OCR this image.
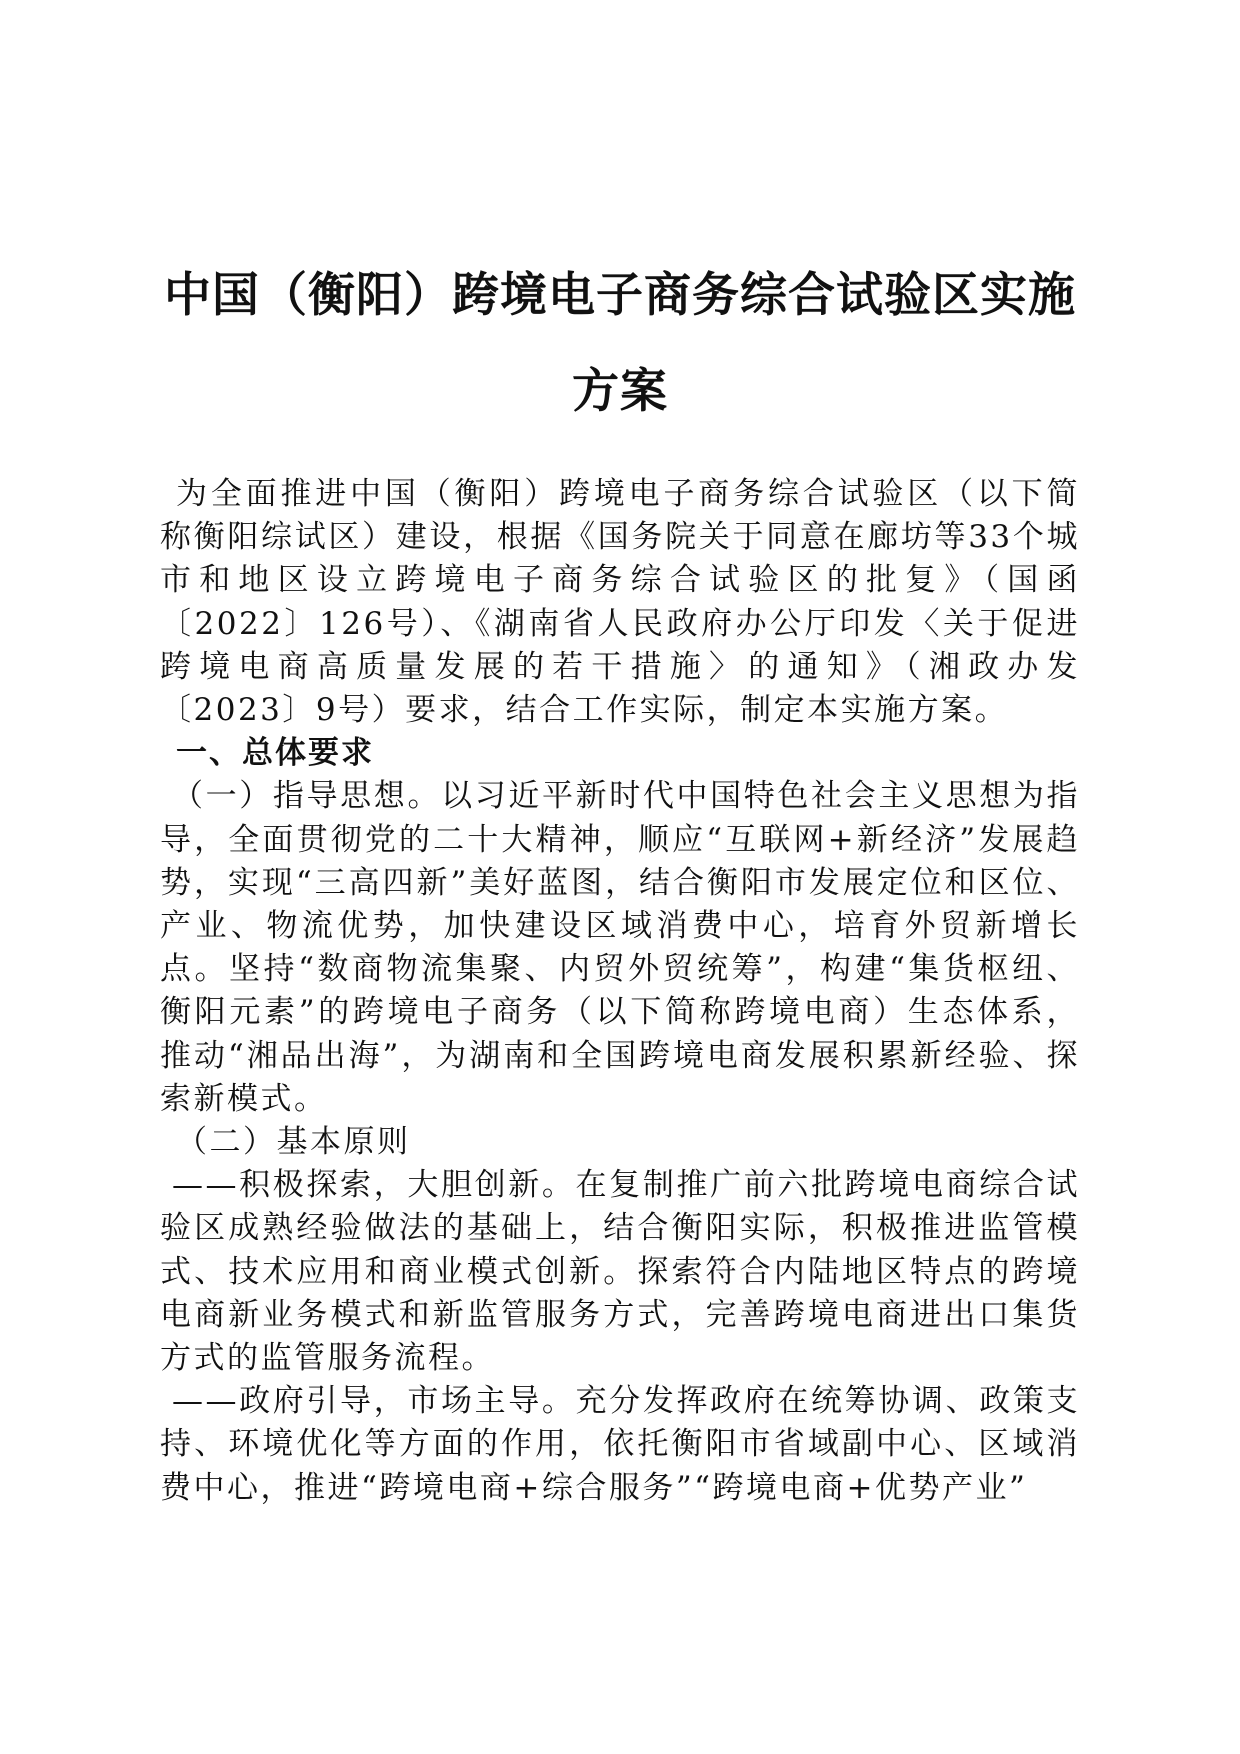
中国（衡阳）跨境电子商务综合试验区实施方案

为全面推进中国（衡阳）跨境电子商务综合试验区（以下简称衡阳综试区）建设，根据《国务院关于同意在廊坊等33个城市和地区设立跨境电子商务综合试验区的批复》（国函〔2022〕126号）、《湖南省人民政府办公厅印发〈关于促进跨境电商高质量发展的若干措施〉的通知》（湘政办发〔2023〕9号）要求，结合工作实际，制定本实施方案。

一、总体要求

（一）指导思想。以习近平新时代中国特色社会主义思想为指导，全面贯彻党的二十大精神，顺应“互联网+新经济”发展趋势，实现“三高四新”美好蓝图，结合衡阳市发展定位和区位、产业、物流优势，加快建设区域消费中心，培育外贸新增长点。坚持“数商物流集聚、内贸外贸统筹”，构建“集货枢纽、衡阳元素”的跨境电子商务（以下简称跨境电商）生态体系，推动“湘品出海”，为湖南和全国跨境电商发展积累新经验、探索新模式。

（二）基本原则

——积极探索，大胆创新。在复制推广前六批跨境电商综合试验区成熟经验做法的基础上，结合衡阳实际，积极推进监管模式、技术应用和商业模式创新。探索符合内陆地区特点的跨境电商新业务模式和新监管服务方式，完善跨境电商进出口集货方式的监管服务流程。

——政府引导，市场主导。充分发挥政府在统筹协调、政策支持、环境优化等方面的作用，依托衡阳市省域副中心、区域消费中心，推进“跨境电商+综合服务”“跨境电商+优势产业”
